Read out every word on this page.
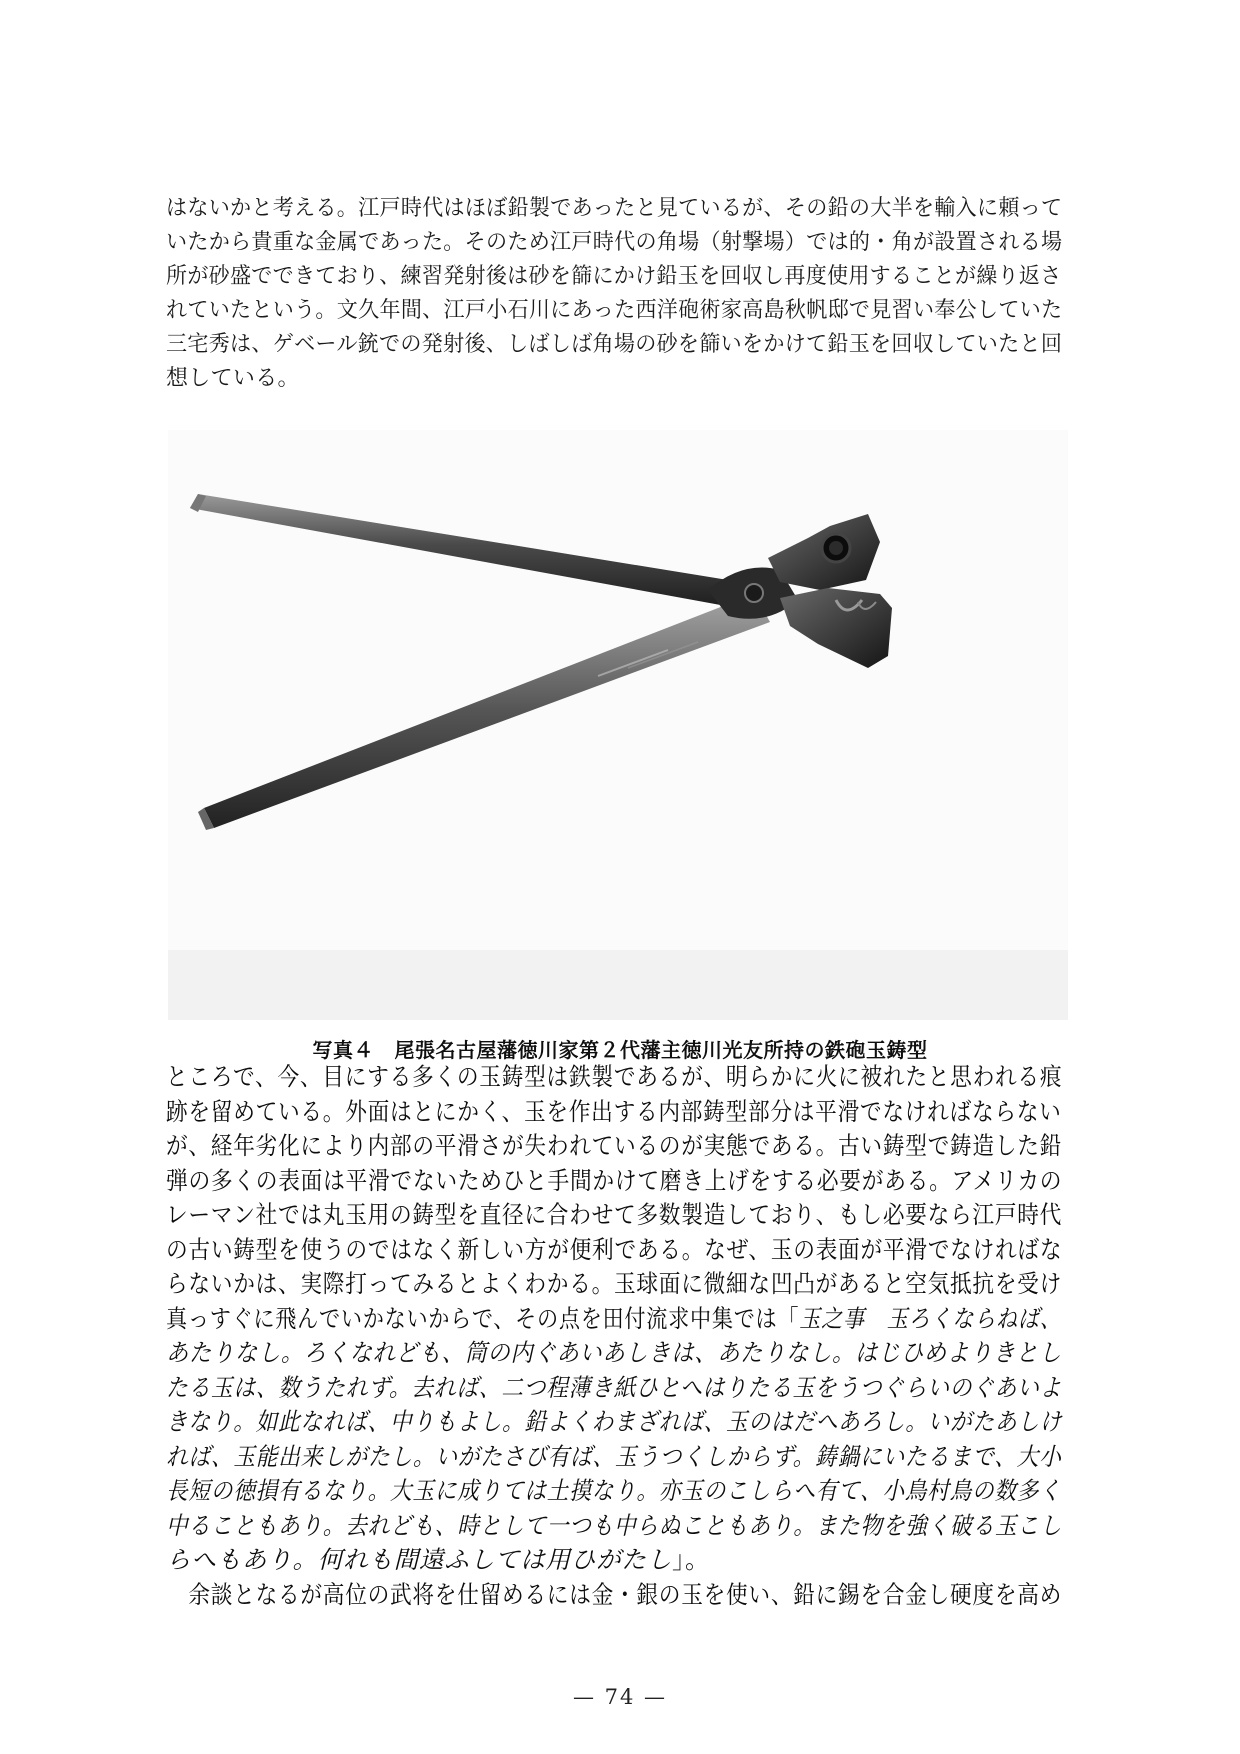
はないかと考える。江戸時代はほぼ鉛製であったと見ているが、その鉛の大半を輸入に頼って
いたから貴重な金属であった。そのため江戸時代の角場（射撃場）では的・角が設置される場
所が砂盛でできており、練習発射後は砂を篩にかけ鉛玉を回収し再度使用することが繰り返さ
れていたという。文久年間、江戸小石川にあった西洋砲術家高島秋帆邸で見習い奉公していた
三宅秀は、ゲベール銃での発射後、しばしば角場の砂を篩いをかけて鉛玉を回収していたと回
想している。
写真４　尾張名古屋藩徳川家第２代藩主徳川光友所持の鉄砲玉鋳型
ところで、今、目にする多くの玉鋳型は鉄製であるが、明らかに火に被れたと思われる痕
跡を留めている。外面はとにかく、玉を作出する内部鋳型部分は平滑でなければならない
が、経年劣化により内部の平滑さが失われているのが実態である。古い鋳型で鋳造した鉛
弾の多くの表面は平滑でないためひと手間かけて磨き上げをする必要がある。アメリカの
レーマン社では丸玉用の鋳型を直径に合わせて多数製造しており、もし必要なら江戸時代
の古い鋳型を使うのではなく新しい方が便利である。なぜ、玉の表面が平滑でなければな
らないかは、実際打ってみるとよくわかる。玉球面に微細な凹凸があると空気抵抗を受け
真っすぐに飛んでいかないからで、その点を田付流求中集では「玉之事　玉ろくならねば、
あたりなし。ろくなれども、筒の内ぐあいあしきは、あたりなし。はじひめよりきとし
たる玉は、数うたれず。去れば、二つ程薄き紙ひとへはりたる玉をうつぐらいのぐあいよ
きなり。如此なれば、中りもよし。鉛よくわまざれば、玉のはだへあろし。いがたあしけ
れば、玉能出来しがたし。いがたさび有ば、玉うつくしからず。鋳鍋にいたるまで、大小
長短の徳損有るなり。大玉に成りては土摸なり。亦玉のこしらへ有て、小鳥村鳥の数多く
中ることもあり。去れども、時として一つも中らぬこともあり。また物を強く破る玉こし
らへもあり。何れも間遠ふしては用ひがたし」。
　余談となるが高位の武将を仕留めるには金・銀の玉を使い、鉛に錫を合金し硬度を高め
— 74 —
